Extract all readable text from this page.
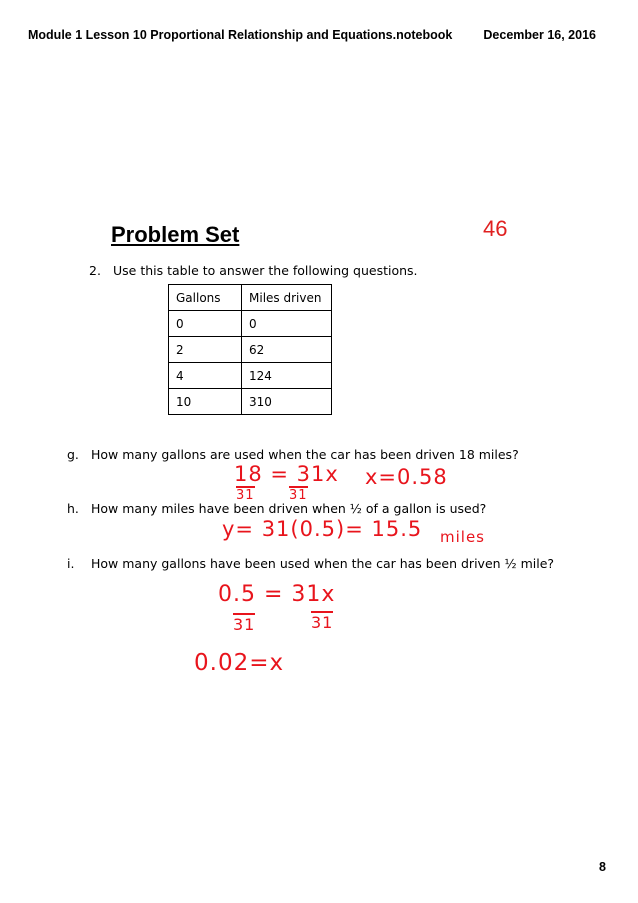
Module 1 Lesson 10 Proportional Relationship and Equations.notebook December 16, 2016
Problem Set	46
2. Use this table to answer the following questions.
Gallons	Miles driven
0	0
2	62
4	124
10	310
g. How many gallons are used when the car has been driven 18 miles?
18 = 31x x=0.58
31	31
h. How many miles have been driven when ½ of a gallon is used?
y= 31(0.5)= 15.5 miles
i. How many gallons have been used when the car has been driven ½ mile?
0.5 = 31x
31	31
0.02=x
8
